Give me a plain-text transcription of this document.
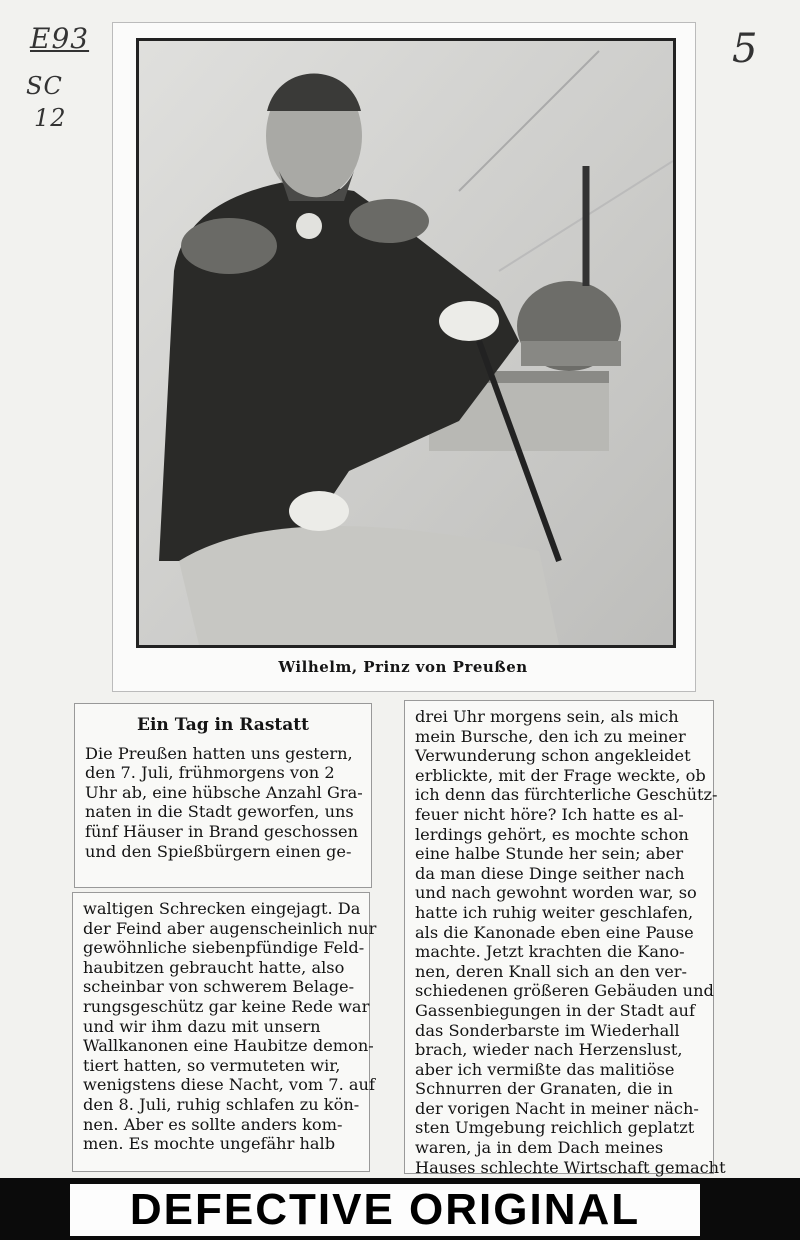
E93
SC
12
5
Wilhelm, Prinz von Preußen
Ein Tag in Rastatt

Die Preußen hatten uns gestern,
den 7. Juli, frühmorgens von 2
Uhr ab, eine hübsche Anzahl Gra-
naten in die Stadt geworfen, uns
fünf Häuser in Brand geschossen
und den Spießbürgern einen ge-

waltigen Schrecken eingejagt. Da
der Feind aber augenscheinlich nur
gewöhnliche siebenpfündige Feld-
haubitzen gebraucht hatte, also
scheinbar von schwerem Belage-
rungsgeschütz gar keine Rede war
und wir ihm dazu mit unsern
Wallkanonen eine Haubitze demon-
tiert hatten, so vermuteten wir,
wenigstens diese Nacht, vom 7. auf
den 8. Juli, ruhig schlafen zu kön-
nen. Aber es sollte anders kom-
men. Es mochte ungefähr halb

drei Uhr morgens sein, als mich
mein Bursche, den ich zu meiner
Verwunderung schon angekleidet
erblickte, mit der Frage weckte, ob
ich denn das fürchterliche Geschütz-
feuer nicht höre? Ich hatte es al-
lerdings gehört, es mochte schon
eine halbe Stunde her sein; aber
da man diese Dinge seither nach
und nach gewohnt worden war, so
hatte ich ruhig weiter geschlafen,
als die Kanonade eben eine Pause
machte. Jetzt krachten die Kano-
nen, deren Knall sich an den ver-
schiedenen größeren Gebäuden und
Gassenbiegungen in der Stadt auf
das Sonderbarste im Wiederhall
brach, wieder nach Herzenslust,
aber ich vermißte das malitiöse
Schnurren der Granaten, die in
der vorigen Nacht in meiner näch-
sten Umgebung reichlich geplatzt
waren, ja in dem Dach meines
Hauses schlechte Wirtschaft gemacht

DEFECTIVE ORIGINAL
